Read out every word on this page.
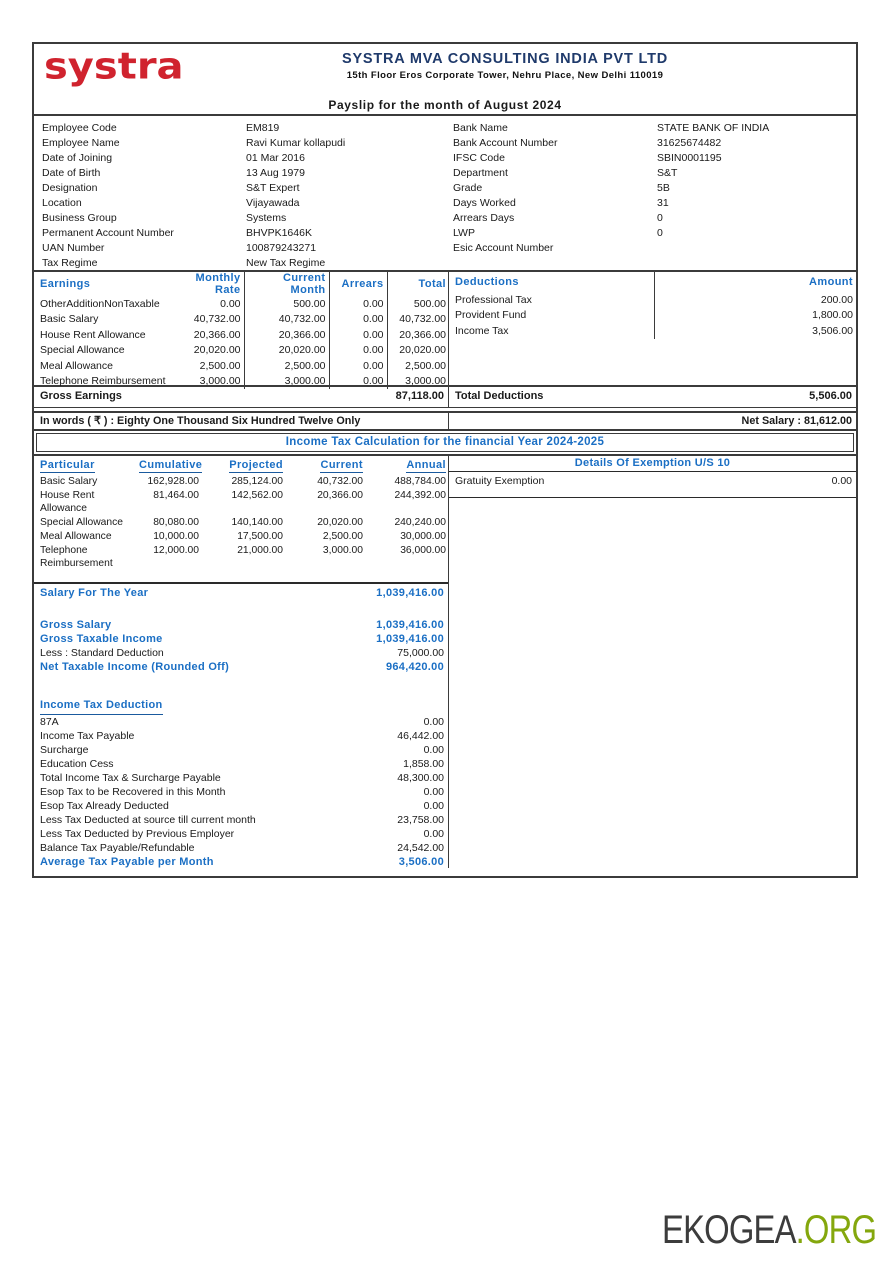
systra	SYSTRA MVA CONSULTING INDIA PVT LTD
15th Floor Eros Corporate Tower, Nehru Place, New Delhi 110019
Payslip for the month of August 2024
Employee Code	EM819
Employee Name	Ravi Kumar kollapudi
Date of Joining	01 Mar 2016
Date of Birth	13 Aug 1979
Designation	S&T Expert
Location	Vijayawada
Business Group	Systems
Permanent Account Number	BHVPK1646K
UAN Number	100879243271
Tax Regime	New Tax Regime
Bank Name	STATE BANK OF INDIA
Bank Account Number	31625674482
IFSC Code	SBIN0001195
Department	S&T
Grade	5B
Days Worked	31
Arrears Days	0
LWP	0
Esic Account Number
Earnings	Monthly Rate	Current Month	Arrears	Total
OtherAdditionNonTaxable	0.00	500.00	0.00	500.00
Basic Salary	40,732.00	40,732.00	0.00	40,732.00
House Rent Allowance	20,366.00	20,366.00	0.00	20,366.00
Special Allowance	20,020.00	20,020.00	0.00	20,020.00
Meal Allowance	2,500.00	2,500.00	0.00	2,500.00
Telephone Reimbursement	3,000.00	3,000.00	0.00	3,000.00
Deductions	Amount
Professional Tax	200.00
Provident Fund	1,800.00
Income Tax	3,506.00
Gross Earnings	87,118.00	Total Deductions	5,506.00
In words ( ₹ ) : Eighty One Thousand Six Hundred Twelve Only	Net Salary : 81,612.00
Income Tax Calculation for the financial Year 2024-2025
Particular	Cumulative	Projected	Current	Annual
Basic Salary	162,928.00	285,124.00	40,732.00	488,784.00
House Rent Allowance	81,464.00	142,562.00	20,366.00	244,392.00
Special Allowance	80,080.00	140,140.00	20,020.00	240,240.00
Meal Allowance	10,000.00	17,500.00	2,500.00	30,000.00
Telephone Reimbursement	12,000.00	21,000.00	3,000.00	36,000.00
Salary For The Year	1,039,416.00
Gross Salary	1,039,416.00
Gross Taxable Income	1,039,416.00
Less : Standard Deduction	75,000.00
Net Taxable Income (Rounded Off)	964,420.00
Income Tax Deduction
87A	0.00
Income Tax Payable	46,442.00
Surcharge	0.00
Education Cess	1,858.00
Total Income Tax & Surcharge Payable	48,300.00
Esop Tax to be Recovered in this Month	0.00
Esop Tax Already Deducted	0.00
Less Tax Deducted at source till current month	23,758.00
Less Tax Deducted by Previous Employer	0.00
Balance Tax Payable/Refundable	24,542.00
Average Tax Payable per Month	3,506.00
Details Of Exemption U/S 10
Gratuity Exemption	0.00
EKOGEA.ORG
